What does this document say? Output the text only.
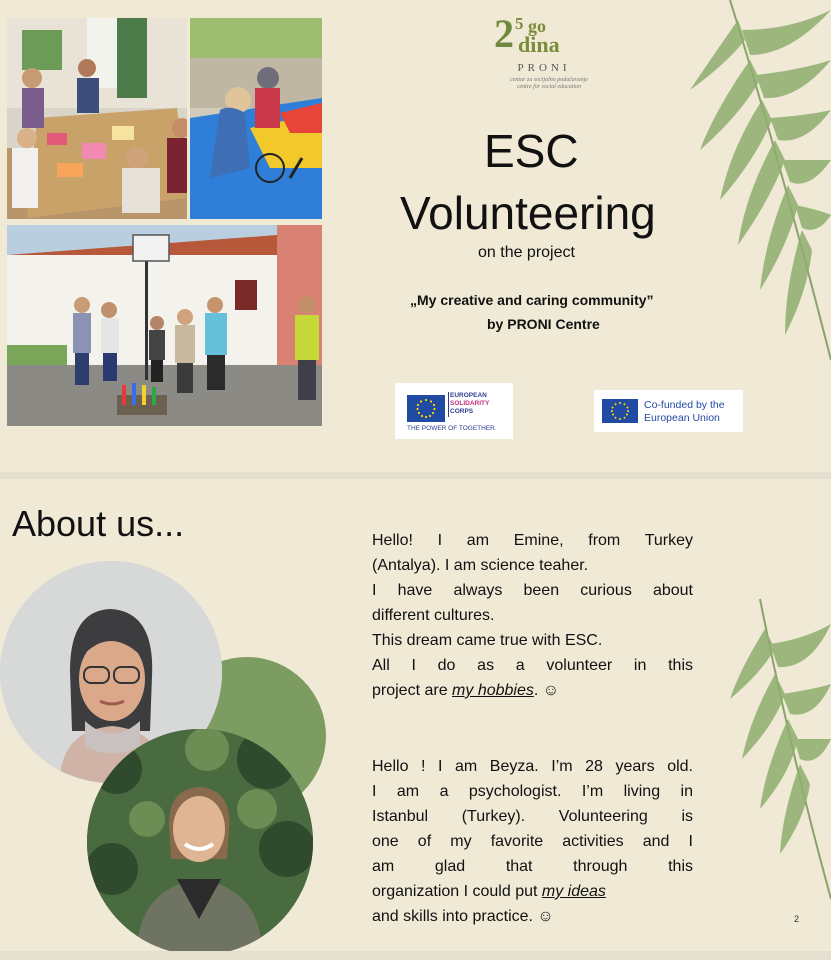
2 5 go
dina
PRONI
centar za socijalno podučavanje
centre for social education
ESC
Volunteering
on the project
„My creative and caring community”
by PRONI Centre
EUROPEAN
SOLIDARITY
CORPS
THE POWER OF TOGETHER.
Co-funded by the
European Union
About us...	Hello! I am Emine, from Turkey
(Antalya). I am science teaher.
I have always been curious about
different cultures.
This dream came true with ESC.
All I do as a volunteer in this
project are my hobbies. ☺
Hello ! I am Beyza. I’m 28 years old.
I am a psychologist. I’m living in
Istanbul (Turkey). Volunteering is
one of my favorite activities and I
am glad that through this
organization I could put my ideas
and skills into practice. ☺	2
